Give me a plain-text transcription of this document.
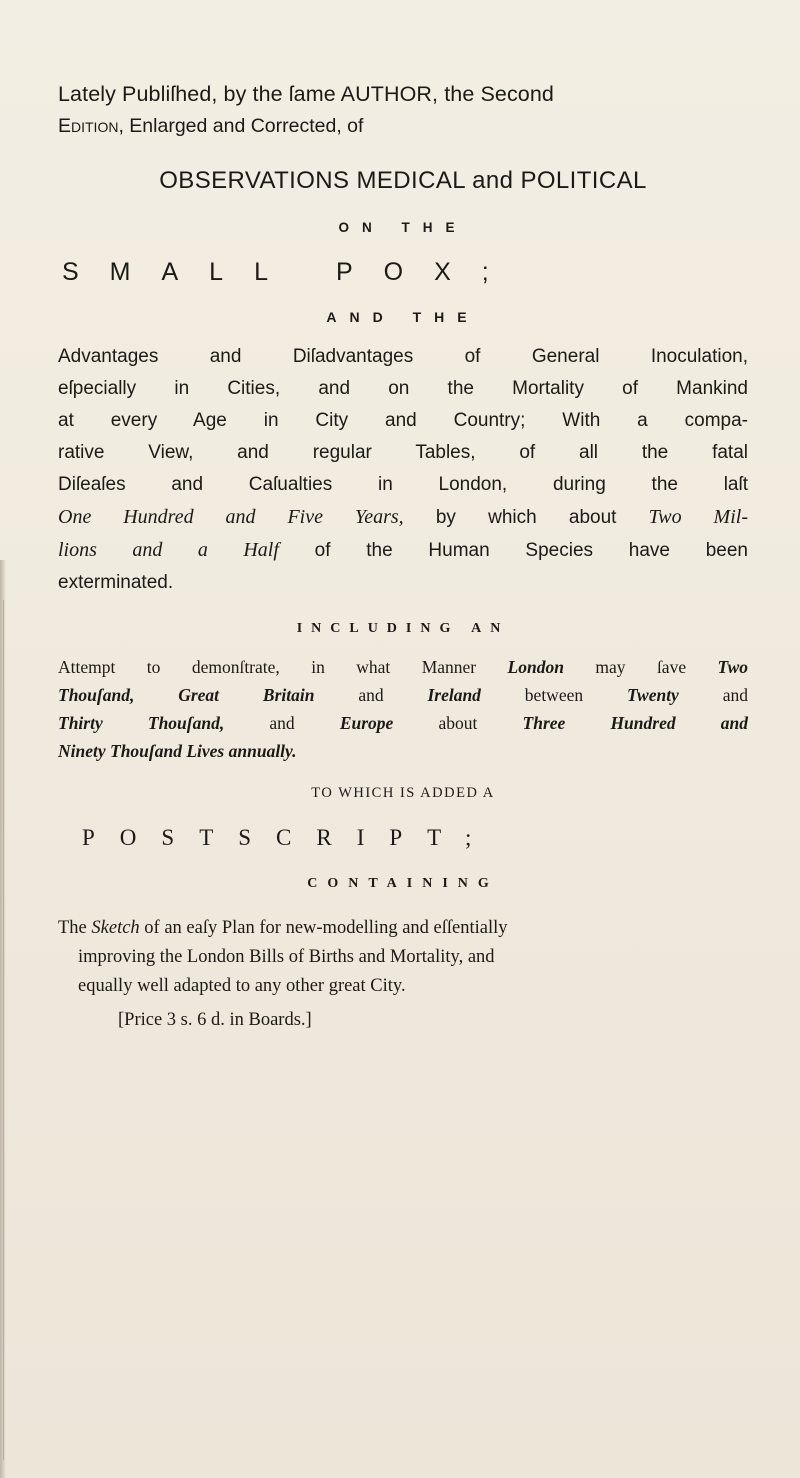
Lately Publiſhed, by the ſame AUTHOR, the Second
Edition, Enlarged and Corrected, of
OBSERVATIONS MEDICAL and POLITICAL
ON THE
SMALL POX;
AND THE
Advantages and Diſadvantages of General Inoculation,
eſpecially in Cities, and on the Mortality of Mankind
at every Age in City and Country; With a compa-
rative View, and regular Tables, of all the fatal
Diſeaſes and Caſualties in London, during the laſt
One Hundred and Five Years, by which about Two Mil-
lions and a Half of the Human Species have been
exterminated.
INCLUDING AN
Attempt to demonſtrate, in what Manner London may ſave Two
Thouſand, Great Britain and Ireland between Twenty and
Thirty Thouſand, and Europe about Three Hundred and
Ninety Thouſand Lives annually.
TO WHICH IS ADDED A
POSTSCRIPT;
CONTAINING
The Sketch of an eaſy Plan for new-modelling and eſſentially
improving the London Bills of Births and Mortality, and
equally well adapted to any other great City.
[Price 3 s. 6 d. in Boards.]
